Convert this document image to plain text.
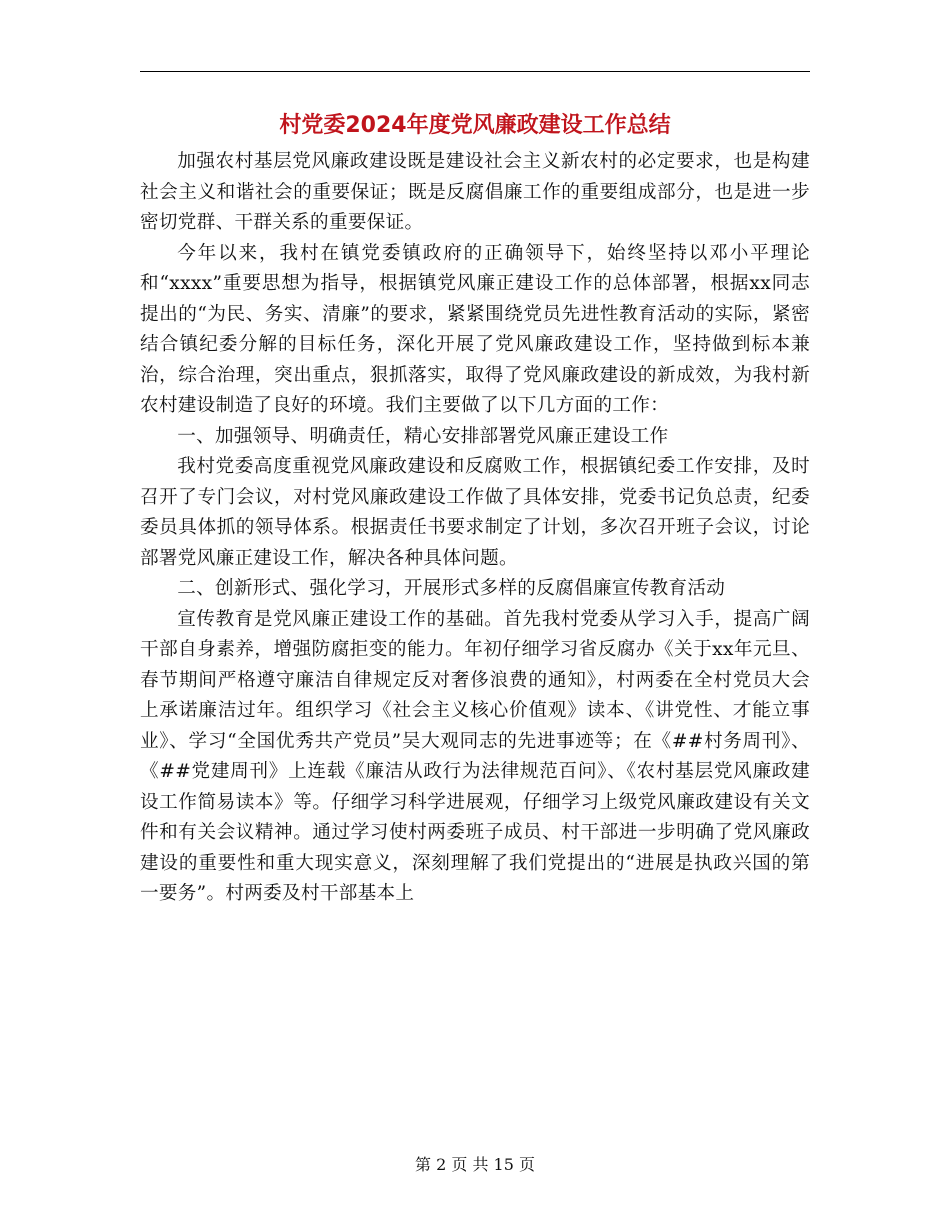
村党委2024年度党风廉政建设工作总结

加强农村基层党风廉政建设既是建设社会主义新农村的必定要求，也是构建社会主义和谐社会的重要保证；既是反腐倡廉工作的重要组成部分，也是进一步密切党群、干群关系的重要保证。

今年以来，我村在镇党委镇政府的正确领导下，始终坚持以邓小平理论和“xxxx”重要思想为指导，根据镇党风廉正建设工作的总体部署，根据xx同志提出的“为民、务实、清廉”的要求，紧紧围绕党员先进性教育活动的实际，紧密结合镇纪委分解的目标任务，深化开展了党风廉政建设工作，坚持做到标本兼治，综合治理，突出重点，狠抓落实，取得了党风廉政建设的新成效，为我村新农村建设制造了良好的环境。我们主要做了以下几方面的工作：

一、加强领导、明确责任，精心安排部署党风廉正建设工作

我村党委高度重视党风廉政建设和反腐败工作，根据镇纪委工作安排，及时召开了专门会议，对村党风廉政建设工作做了具体安排，党委书记负总责，纪委委员具体抓的领导体系。根据责任书要求制定了计划，多次召开班子会议，讨论部署党风廉正建设工作，解决各种具体问题。

二、创新形式、强化学习，开展形式多样的反腐倡廉宣传教育活动

宣传教育是党风廉正建设工作的基础。首先我村党委从学习入手，提高广阔干部自身素养，增强防腐拒变的能力。年初仔细学习省反腐办《关于xx年元旦、春节期间严格遵守廉洁自律规定反对奢侈浪费的通知》，村两委在全村党员大会上承诺廉洁过年。组织学习《社会主义核心价值观》读本、《讲党性、才能立事业》、学习“全国优秀共产党员”吴大观同志的先进事迹等；在《##村务周刊》、《##党建周刊》上连载《廉洁从政行为法律规范百问》、《农村基层党风廉政建设工作简易读本》等。仔细学习科学进展观，仔细学习上级党风廉政建设有关文件和有关会议精神。通过学习使村两委班子成员、村干部进一步明确了党风廉政建设的重要性和重大现实意义，深刻理解了我们党提出的“进展是执政兴国的第一要务”。村两委及村干部基本上

第 2 页 共 15 页
